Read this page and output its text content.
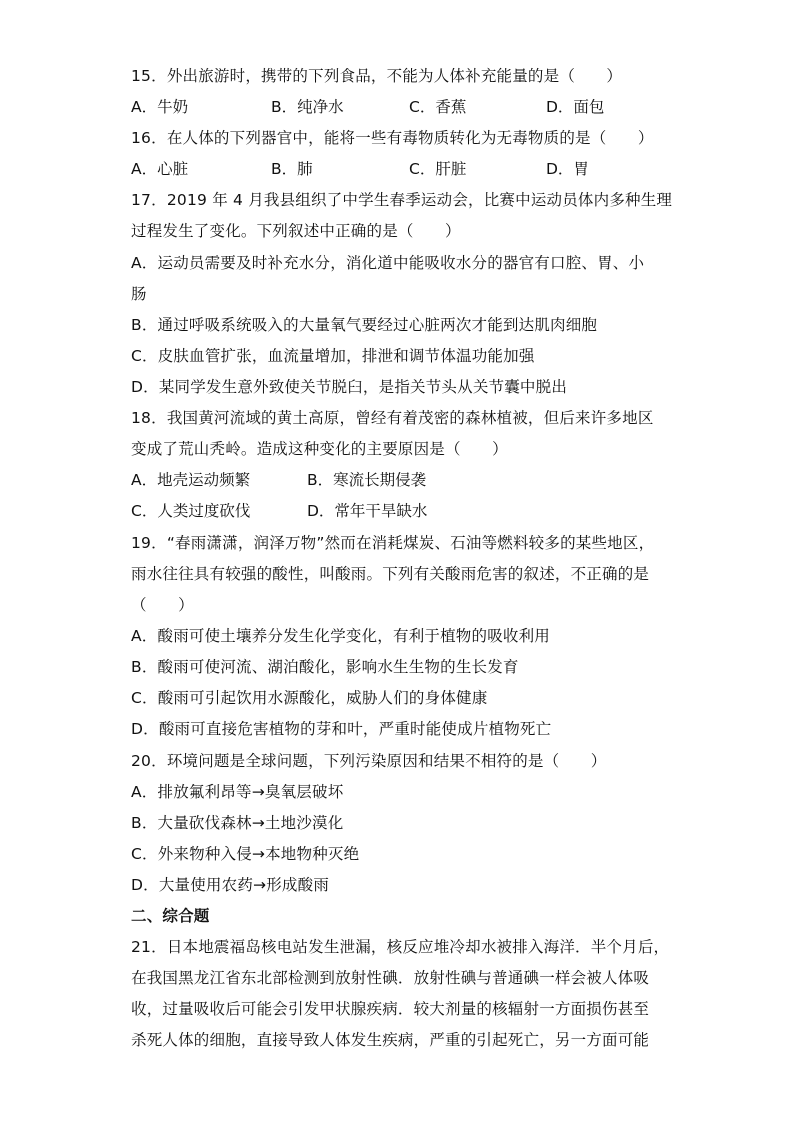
15．外出旅游时，携带的下列食品，不能为人体补充能量的是（　　）
A．牛奶	B．纯净水	C．香蕉	D．面包
16．在人体的下列器官中，能将一些有毒物质转化为无毒物质的是（　　）
A．心脏	B．肺	C．肝脏	D．胃
17．2019 年 4 月我县组织了中学生春季运动会，比赛中运动员体内多种生理
过程发生了变化。下列叙述中正确的是（　　）
A．运动员需要及时补充水分，消化道中能吸收水分的器官有口腔、胃、小
肠
B．通过呼吸系统吸入的大量氧气要经过心脏两次才能到达肌肉细胞
C．皮肤血管扩张，血流量增加，排泄和调节体温功能加强
D．某同学发生意外致使关节脱臼，是指关节头从关节囊中脱出
18．我国黄河流域的黄土高原，曾经有着茂密的森林植被，但后来许多地区
变成了荒山秃岭。造成这种变化的主要原因是（　　）
A．地壳运动频繁	B．寒流长期侵袭
C．人类过度砍伐	D．常年干旱缺水
19．“春雨潇潇，润泽万物”然而在消耗煤炭、石油等燃料较多的某些地区，
雨水往往具有较强的酸性，叫酸雨。下列有关酸雨危害的叙述，不正确的是
（　　）
A．酸雨可使土壤养分发生化学变化，有利于植物的吸收利用
B．酸雨可使河流、湖泊酸化，影响水生生物的生长发育
C．酸雨可引起饮用水源酸化，威胁人们的身体健康
D．酸雨可直接危害植物的芽和叶，严重时能使成片植物死亡
20．环境问题是全球问题，下列污染原因和结果不相符的是（　　）
A．排放氟利昂等→臭氧层破坏
B．大量砍伐森林→土地沙漠化
C．外来物种入侵→本地物种灭绝
D．大量使用农药→形成酸雨
二、综合题
21．日本地震福岛核电站发生泄漏，核反应堆冷却水被排入海洋．半个月后，
在我国黑龙江省东北部检测到放射性碘．放射性碘与普通碘一样会被人体吸
收，过量吸收后可能会引发甲状腺疾病．较大剂量的核辐射一方面损伤甚至
杀死人体的细胞，直接导致人体发生疾病，严重的引起死亡，另一方面可能
